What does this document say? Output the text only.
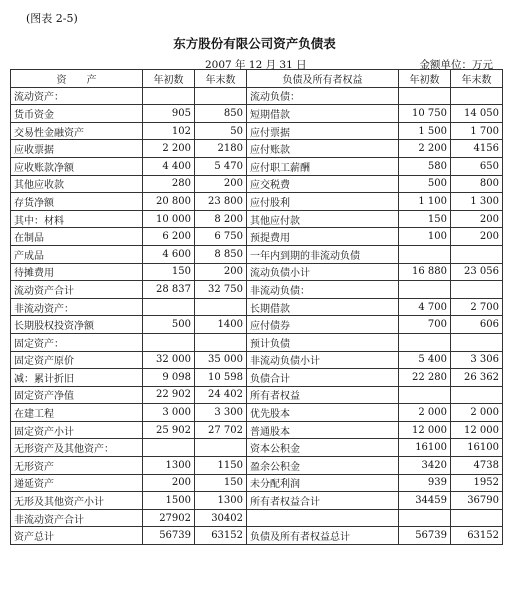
(图表 2-5)
东方股份有限公司资产负债表
2007 年 12 月 31 日	金额单位：万元
资　　产	年初数	年末数	负债及所有者权益	年初数	年末数
流动资产：			流动负债：		
货币资金	905	850	短期借款	10 750	14 050
交易性金融资产	102	50	应付票据	1 500	1 700
应收票据	2 200	2180	应付账款	2 200	4156
应收账款净额	4 400	5 470	应付职工薪酬	580	650
其他应收款	280	200	应交税费	500	800
存货净额	20 800	23 800	应付股利	1 100	1 300
其中：材料	10 000	8 200	其他应付款	150	200
在制品	6 200	6 750	预提费用	100	200
产成品	4 600	8 850	一年内到期的非流动负债		
待摊费用	150	200	流动负债小计	16 880	23 056
流动资产合计	28 837	32 750	非流动负债：		
非流动资产：			长期借款	4 700	2 700
长期股权投资净额	500	1400	应付债券	700	606
固定资产：			预计负债		
固定资产原价	32 000	35 000	非流动负债小计	5 400	3 306
减：累计折旧	9 098	10 598	负债合计	22 280	26 362
固定资产净值	22 902	24 402	所有者权益		
在建工程	3 000	3 300	优先股本	2 000	2 000
固定资产小计	25 902	27 702	普通股本	12 000	12 000
无形资产及其他资产：			资本公积金	16100	16100
无形资产	1300	1150	盈余公积金	3420	4738
递延资产	200	150	未分配利润	939	1952
无形及其他资产小计	1500	1300	所有者权益合计	34459	36790
非流动资产合计	27902	30402			
资产总计	56739	63152	负债及所有者权益总计	56739	63152
